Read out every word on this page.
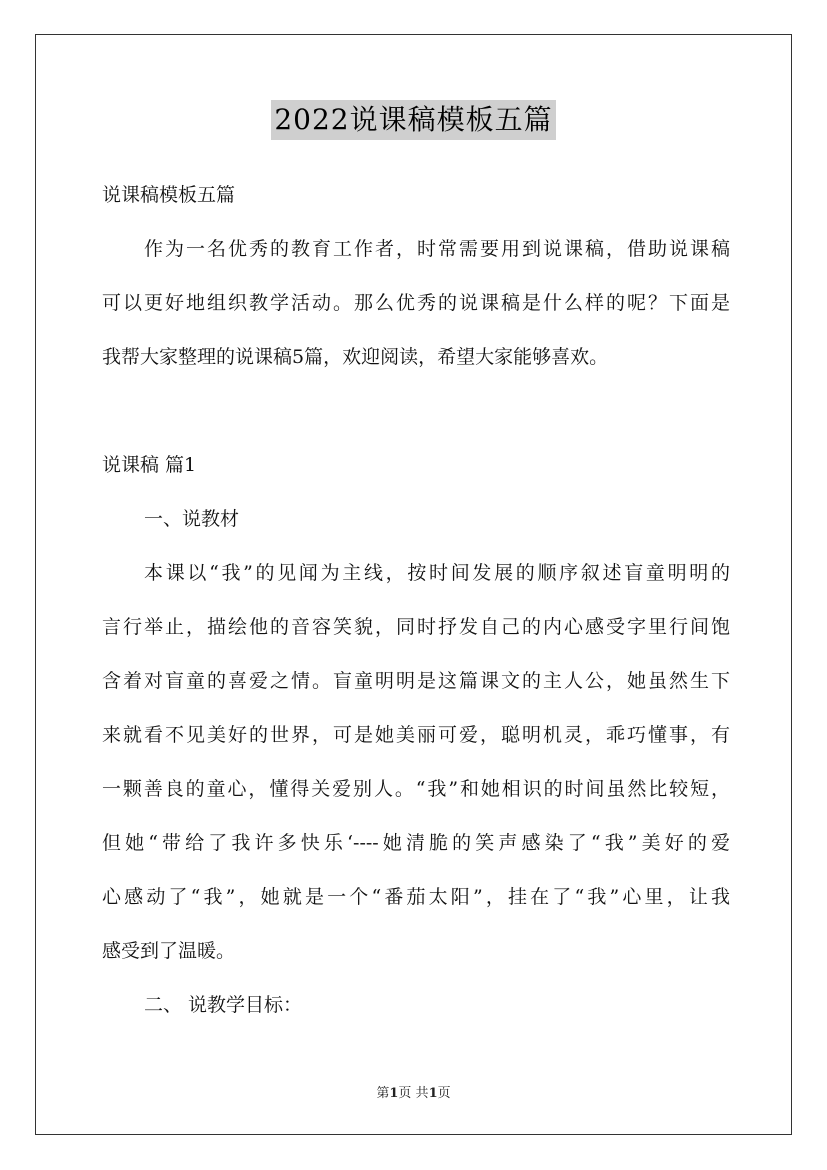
2022说课稿模板五篇
说课稿模板五篇
作为一名优秀的教育工作者，时常需要用到说课稿，借助说课稿
可以更好地组织教学活动。那么优秀的说课稿是什么样的呢？下面是
我帮大家整理的说课稿5篇，欢迎阅读，希望大家能够喜欢。
说课稿 篇1
一、说教材
本课以“我”的见闻为主线，按时间发展的顺序叙述盲童明明的
言行举止，描绘他的音容笑貌，同时抒发自己的内心感受字里行间饱
含着对盲童的喜爱之情。盲童明明是这篇课文的主人公，她虽然生下
来就看不见美好的世界，可是她美丽可爱，聪明机灵，乖巧懂事，有
一颗善良的童心，懂得关爱别人。“我”和她相识的时间虽然比较短，
但她“带给了我许多快乐‘----她清脆的笑声感染了“我”美好的爱
心感动了“我”，她就是一个“番茄太阳”，挂在了“我”心里，让我
感受到了温暖。
二、 说教学目标：
第1页 共1页
